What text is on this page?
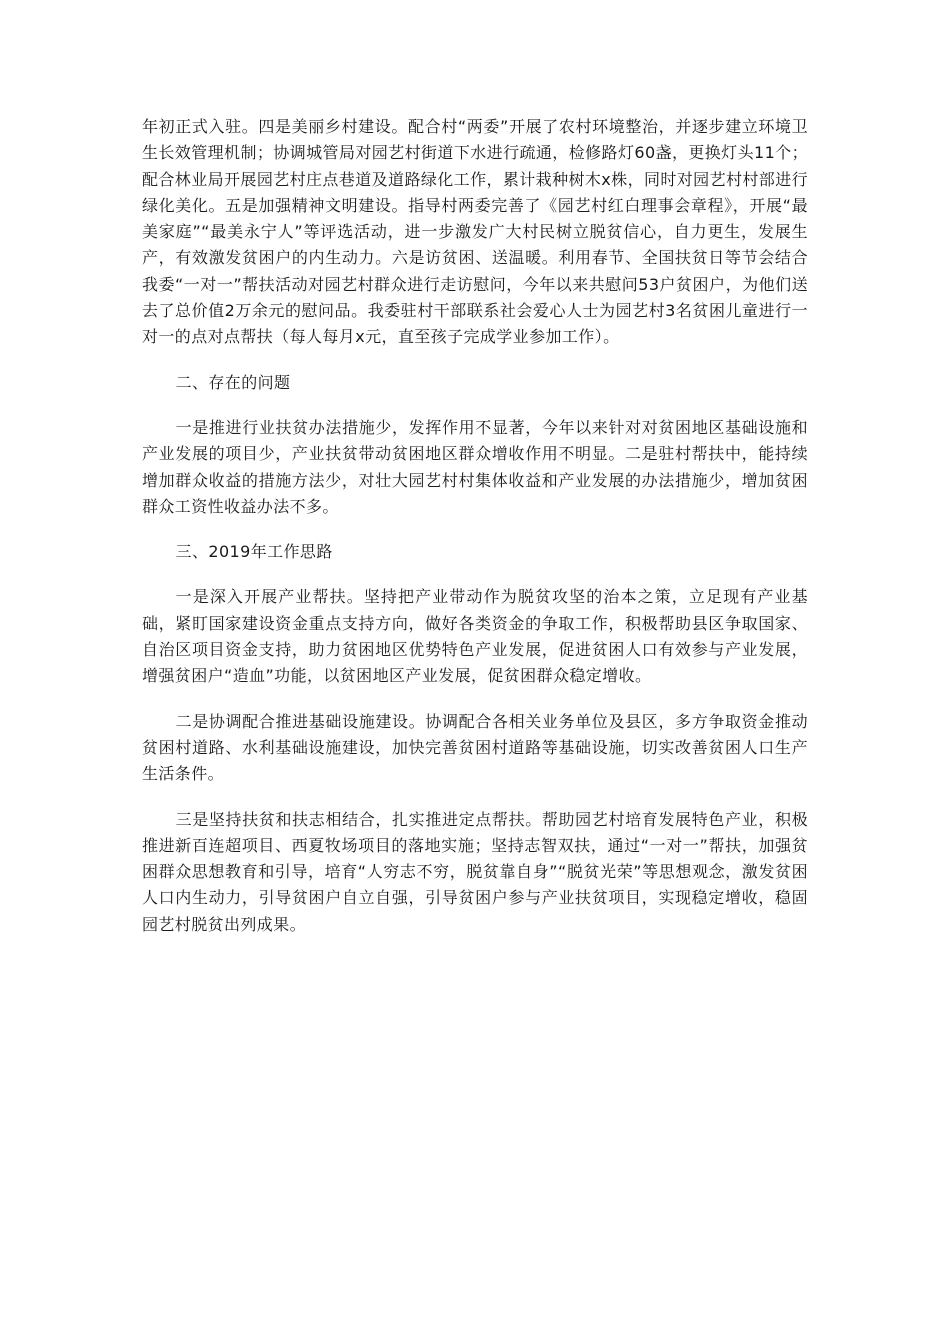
年初正式入驻。四是美丽乡村建设。配合村“两委”开展了农村环境整治，并逐步建立环境卫生长效管理机制；协调城管局对园艺村街道下水进行疏通，检修路灯60盏，更换灯头11个；配合林业局开展园艺村庄点巷道及道路绿化工作，累计栽种树木x株，同时对园艺村村部进行绿化美化。五是加强精神文明建设。指导村两委完善了《园艺村红白理事会章程》，开展“最美家庭”“最美永宁人”等评选活动，进一步激发广大村民树立脱贫信心，自力更生，发展生产，有效激发贫困户的内生动力。六是访贫困、送温暖。利用春节、全国扶贫日等节会结合我委“一对一”帮扶活动对园艺村群众进行走访慰问，今年以来共慰问53户贫困户，为他们送去了总价值2万余元的慰问品。我委驻村干部联系社会爱心人士为园艺村3名贫困儿童进行一对一的点对点帮扶（每人每月x元，直至孩子完成学业参加工作）。

二、存在的问题

一是推进行业扶贫办法措施少，发挥作用不显著，今年以来针对对贫困地区基础设施和产业发展的项目少，产业扶贫带动贫困地区群众增收作用不明显。二是驻村帮扶中，能持续增加群众收益的措施方法少，对壮大园艺村村集体收益和产业发展的办法措施少，增加贫困群众工资性收益办法不多。

三、2019年工作思路

一是深入开展产业帮扶。坚持把产业带动作为脱贫攻坚的治本之策，立足现有产业基础，紧盯国家建设资金重点支持方向，做好各类资金的争取工作，积极帮助县区争取国家、自治区项目资金支持，助力贫困地区优势特色产业发展，促进贫困人口有效参与产业发展，增强贫困户“造血”功能，以贫困地区产业发展，促贫困群众稳定增收。

二是协调配合推进基础设施建设。协调配合各相关业务单位及县区，多方争取资金推动贫困村道路、水利基础设施建设，加快完善贫困村道路等基础设施，切实改善贫困人口生产生活条件。

三是坚持扶贫和扶志相结合，扎实推进定点帮扶。帮助园艺村培育发展特色产业，积极推进新百连超项目、西夏牧场项目的落地实施；坚持志智双扶，通过“一对一”帮扶，加强贫困群众思想教育和引导，培育“人穷志不穷，脱贫靠自身”“脱贫光荣”等思想观念，激发贫困人口内生动力，引导贫困户自立自强，引导贫困户参与产业扶贫项目，实现稳定增收，稳固园艺村脱贫出列成果。
